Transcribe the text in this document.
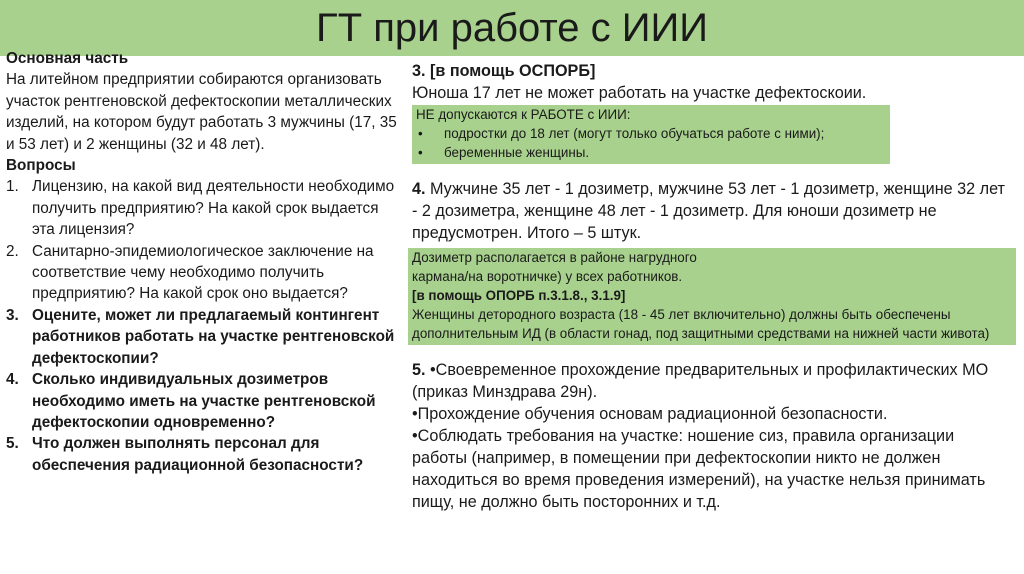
ГТ при работе с ИИИ

Основная часть

На литейном предприятии собираются организовать участок рентгеновской дефектоскопии металлических изделий, на котором будут работать 3 мужчины (17, 35 и 53 лет) и 2 женщины (32 и 48 лет).

Вопросы

1. Лицензию, на какой вид деятельности необходимо получить предприятию? На какой срок выдается эта лицензия?
2. Санитарно-эпидемиологическое заключение на соответствие чему необходимо получить предприятию? На какой срок оно выдается?
3. Оцените, может ли предлагаемый контингент работников работать на участке рентгеновской дефектоскопии?
4. Сколько индивидуальных дозиметров необходимо иметь на участке рентгеновской дефектоскопии одновременно?
5. Что должен выполнять персонал для обеспечения радиационной безопасности?

3. [в помощь ОСПОРБ]

Юноша 17 лет не может работать на участке дефектоскоии.

НЕ допускаются к РАБОТЕ с ИИИ:
•	подростки до 18 лет (могут только обучаться работе с ними);
•	беременные женщины.

4. Мужчине 35 лет - 1 дозиметр, мужчине 53 лет - 1 дозиметр, женщине 32 лет - 2 дозиметра, женщине 48 лет - 1 дозиметр. Для юноши дозиметр не предусмотрен. Итого – 5 штук.

Дозиметр располагается в районе нагрудного
кармана/на воротничке) у всех работников.
[в помощь ОПОРБ п.3.1.8., 3.1.9]
Женщины детородного возраста (18 - 45 лет включительно) должны быть обеспечены дополнительным ИД (в области гонад, под защитными средствами на нижней части живота)

5. •Своевременное прохождение предварительных и профилактических МО (приказ Минздрава 29н).

•Прохождение обучения основам радиационной безопасности.

•Соблюдать требования на участке: ношение сиз, правила организации работы (например, в помещении при дефектоскопии никто не должен находиться во время проведения измерений), на участке нельзя принимать пищу, не должно быть посторонних и т.д.
